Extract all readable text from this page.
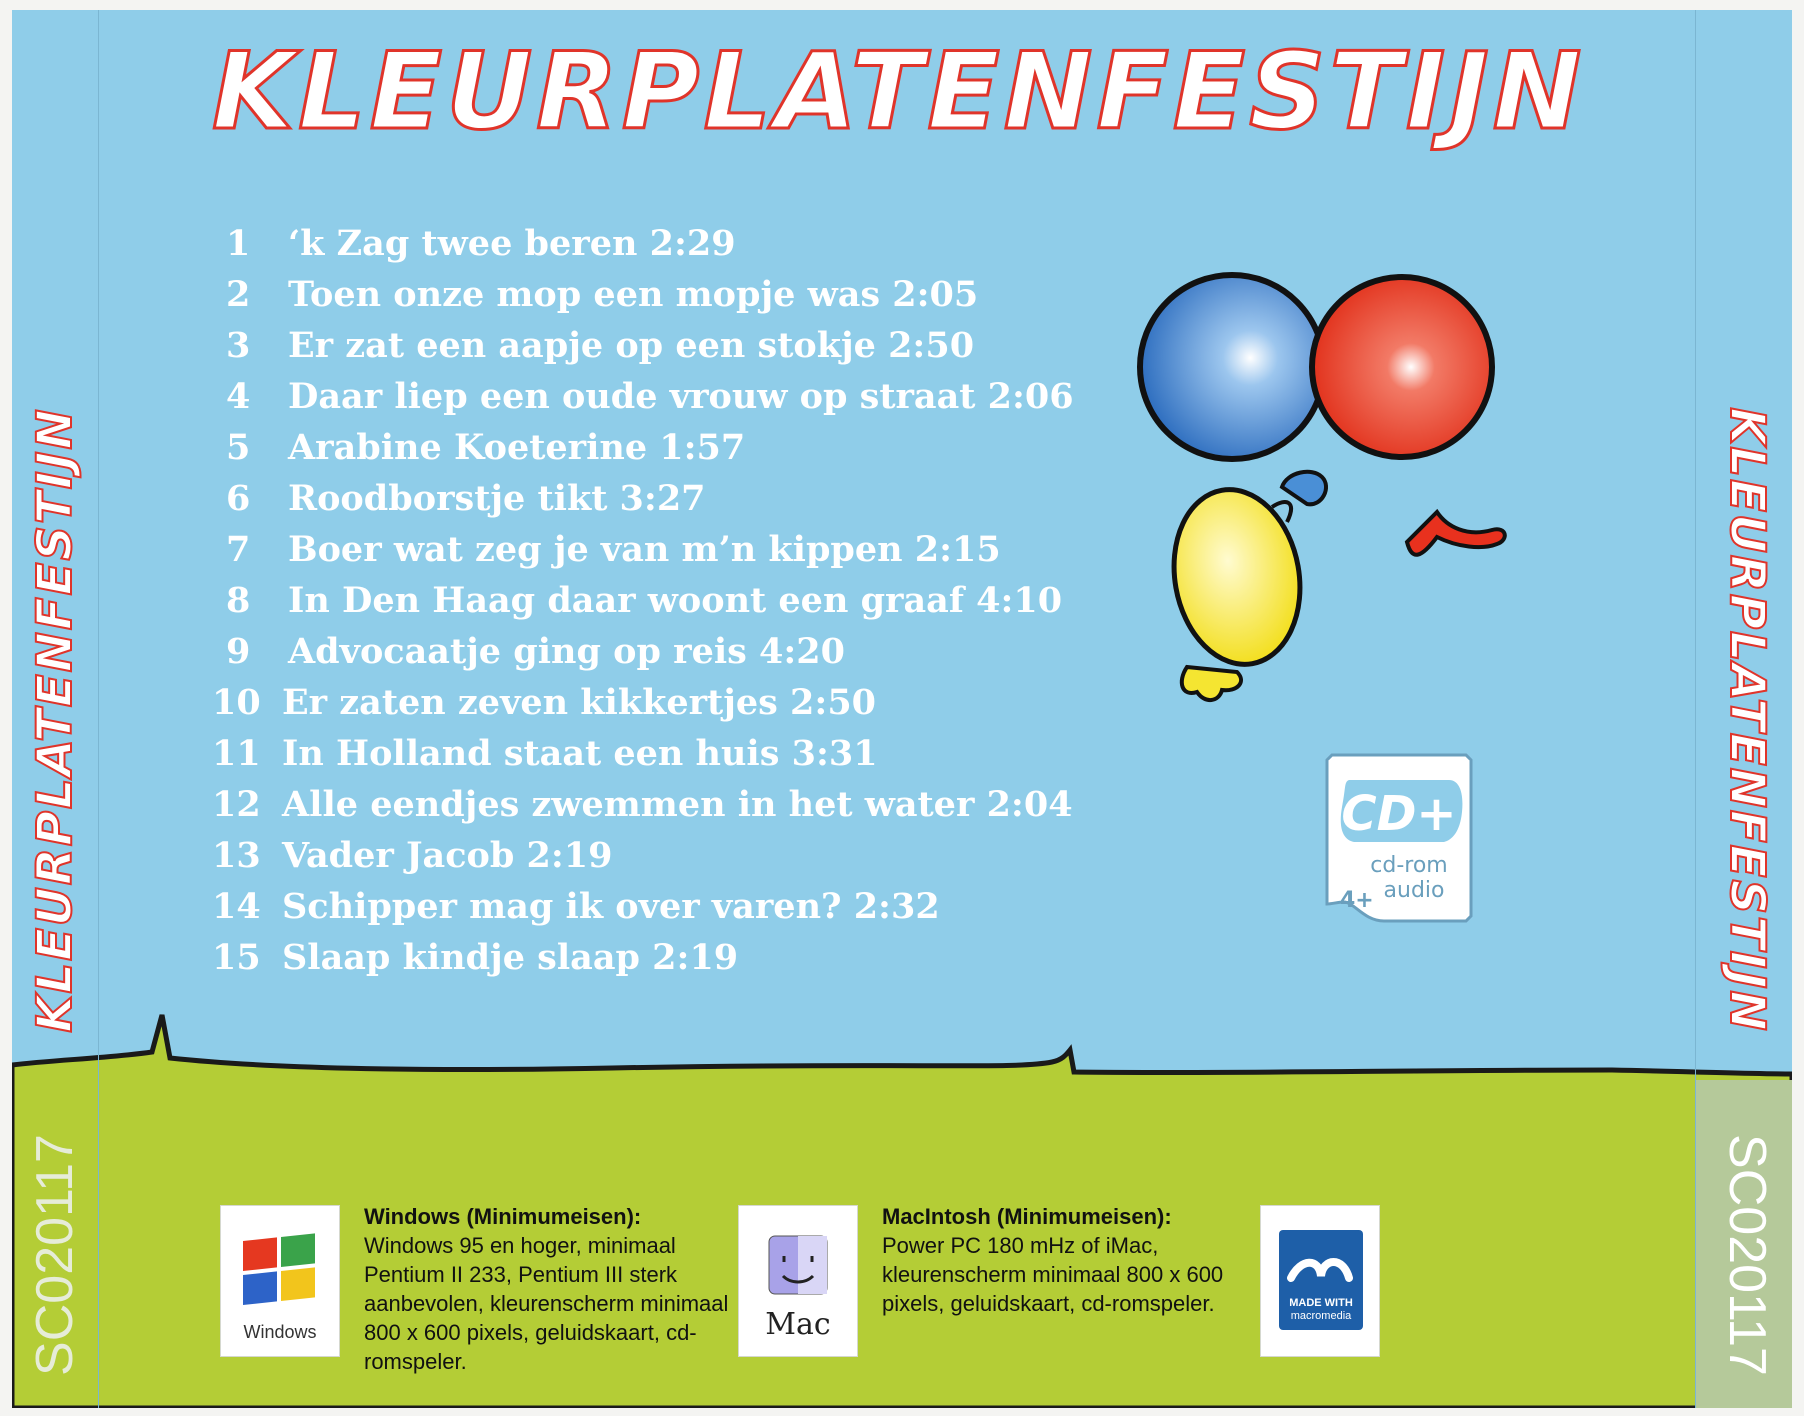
KLEURPLATENFESTIJN
KLEURPLATENFESTIJN	KLEURPLATENFESTIJN
SC020117	SC020117
1	‘k Zag twee beren 2:29
2	Toen onze mop een mopje was 2:05
3	Er zat een aapje op een stokje 2:50
4	Daar liep een oude vrouw op straat 2:06
5	Arabine Koeterine 1:57
6	Roodborstje tikt 3:27
7	Boer wat zeg je van m’n kippen 2:15
8	In Den Haag daar woont een graaf 4:10
9	Advocaatje ging op reis 4:20
10 Er zaten zeven kikkertjes 2:50
11 In Holland staat een huis 3:31
12 Alle eendjes zwemmen in het water 2:04
13 Vader Jacob 2:19
14 Schipper mag ik over varen? 2:32
15 Slaap kindje slaap 2:19
CD+
cd-rom
audio
4+
Windows
Windows (Minimumeisen):
Windows 95 en hoger, minimaal Pentium II 233, Pentium III sterk aanbevolen, kleurenscherm minimaal 800 x 600 pixels, geluidskaart, cd-romspeler.
Mac
MacIntosh (Minimumeisen):
Power PC 180 mHz of iMac, kleurenscherm minimaal 800 x 600 pixels, geluidskaart, cd-romspeler.	MADE WITH
macromedia
